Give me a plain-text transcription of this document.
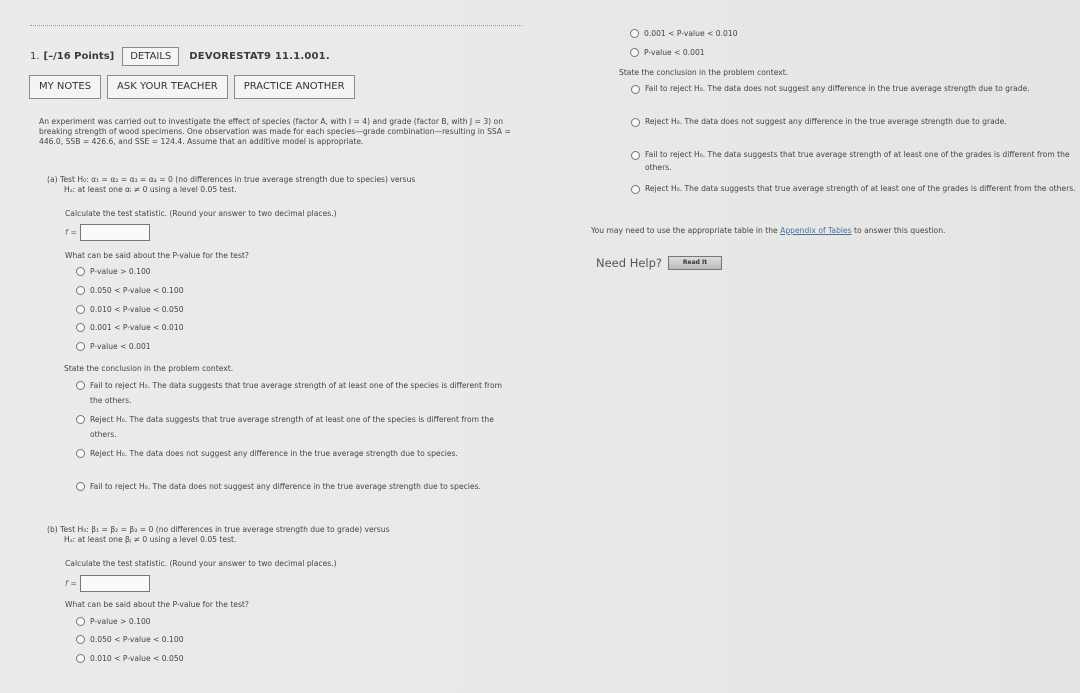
1. [–/16 Points]	DETAILS	DEVORESTAT9 11.1.001.
MY NOTES	ASK YOUR TEACHER	PRACTICE ANOTHER
An experiment was carried out to investigate the effect of species (factor A, with I = 4) and grade (factor B, with J = 3) on breaking strength of wood specimens. One observation was made for each species—grade combination—resulting in SSA = 446.0, SSB = 426.6, and SSE = 124.4. Assume that an additive model is appropriate.
(a) Test H₀: α₁ = α₂ = α₃ = α₄ = 0 (no differences in true average strength due to species) versus
Hₐ: at least one αᵢ ≠ 0 using a level 0.05 test.
Calculate the test statistic. (Round your answer to two decimal places.)
f =
What can be said about the P-value for the test?
P-value > 0.100
0.050 < P-value < 0.100
0.010 < P-value < 0.050
0.001 < P-value < 0.010
P-value < 0.001
State the conclusion in the problem context.
Fail to reject H₀. The data suggests that true average strength of at least one of the species is different from the others.
Reject H₀. The data suggests that true average strength of at least one of the species is different from the others.
Reject H₀. The data does not suggest any difference in the true average strength due to species.
Fail to reject H₀. The data does not suggest any difference in the true average strength due to species.
(b) Test H₀: β₁ = β₂ = β₃ = 0 (no differences in true average strength due to grade) versus
Hₐ: at least one βⱼ ≠ 0 using a level 0.05 test.
Calculate the test statistic. (Round your answer to two decimal places.)
f =
What can be said about the P-value for the test?
P-value > 0.100
0.050 < P-value < 0.100
0.010 < P-value < 0.050
0.001 < P-value < 0.010
P-value < 0.001
State the conclusion in the problem context.
Fail to reject H₀. The data does not suggest any difference in the true average strength due to grade.
Reject H₀. The data does not suggest any difference in the true average strength due to grade.
Fail to reject H₀. The data suggests that true average strength of at least one of the grades is different from the others.
Reject H₀. The data suggests that true average strength of at least one of the grades is different from the others.
You may need to use the appropriate table in the Appendix of Tables to answer this question.
Need Help?	Read It
